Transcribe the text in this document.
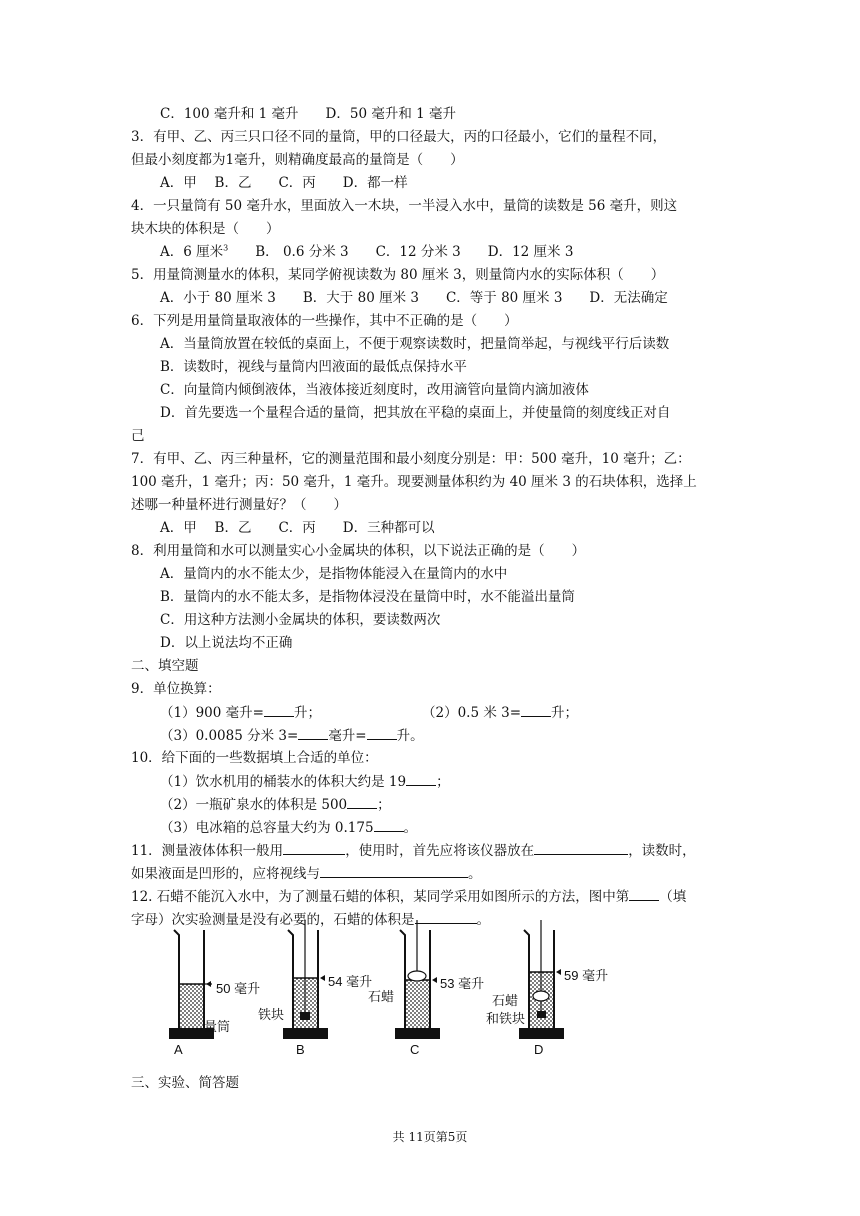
C．100 毫升和 1 毫升　　D．50 毫升和 1 毫升
3．有甲、乙、丙三只口径不同的量筒，甲的口径最大，丙的口径最小，它们的量程不同，
但最小刻度都为1毫升，则精确度最高的量筒是（　　）
A．甲　 B．乙　　C．丙　　D．都一样
4．一只量筒有 50 毫升水，里面放入一木块，一半浸入水中，量筒的读数是 56 毫升，则这
块木块的体积是（　　）
A．6 厘米$^3$　　B． 0.6 分米 3　　C．12 分米 3　　D．12 厘米 3
5．用量筒测量水的体积，某同学俯视读数为 80 厘米 3，则量筒内水的实际体积（　　）
A．小于 80 厘米 3　　B．大于 80 厘米 3　　C．等于 80 厘米 3　　D．无法确定
6．下列是用量筒量取液体的一些操作，其中不正确的是（　　）
A．当量筒放置在较低的桌面上，不便于观察读数时，把量筒举起，与视线平行后读数
B．读数时，视线与量筒内凹液面的最低点保持水平
C．向量筒内倾倒液体，当液体接近刻度时，改用滴管向量筒内滴加液体
D．首先要选一个量程合适的量筒，把其放在平稳的桌面上，并使量筒的刻度线正对自
己
7．有甲、乙、丙三种量杯，它的测量范围和最小刻度分别是：甲：500 毫升，10 毫升；乙：
100 毫升，1 毫升；丙：50 毫升，1 毫升。现要测量体积约为 40 厘米 3 的石块体积，选择上
述哪一种量杯进行测量好？（　　）
A．甲　 B．乙　　C．丙　　D．三种都可以
8．利用量筒和水可以测量实心小金属块的体积，以下说法正确的是（　　）
A．量筒内的水不能太少，是指物体能浸入在量筒内的水中
B．量筒内的水不能太多，是指物体浸没在量筒中时，水不能溢出量筒
C．用这种方法测小金属块的体积，要读数两次
D．以上说法均不正确
二、填空题
9．单位换算：
（1）900 毫升= 升；	（2）0.5 米 3= 升；
（3）0.0085 分米 3= 毫升= 升。
10．给下面的一些数据填上合适的单位：
（1）饮水机用的桶装水的体积大约是 19 ；
（2）一瓶矿泉水的体积是 500 ；
（3）电冰箱的总容量大约为 0.175 。
11．测量液体体积一般用	，使用时，首先应将该仪器放在	，读数时，
如果液面是凹形的，应将视线与	。
12. 石蜡不能沉入水中，为了测量石蜡的体积，某同学采用如图所示的方法，图中第 （填
字母）次实验测量是没有必要的，石蜡的体积是	。
50 毫升
量筒
54 毫升
铁块
53 毫升
石蜡
59 毫升
石蜡
和铁块
A	B	C	D
三、实验、简答题
共 11页第5页
